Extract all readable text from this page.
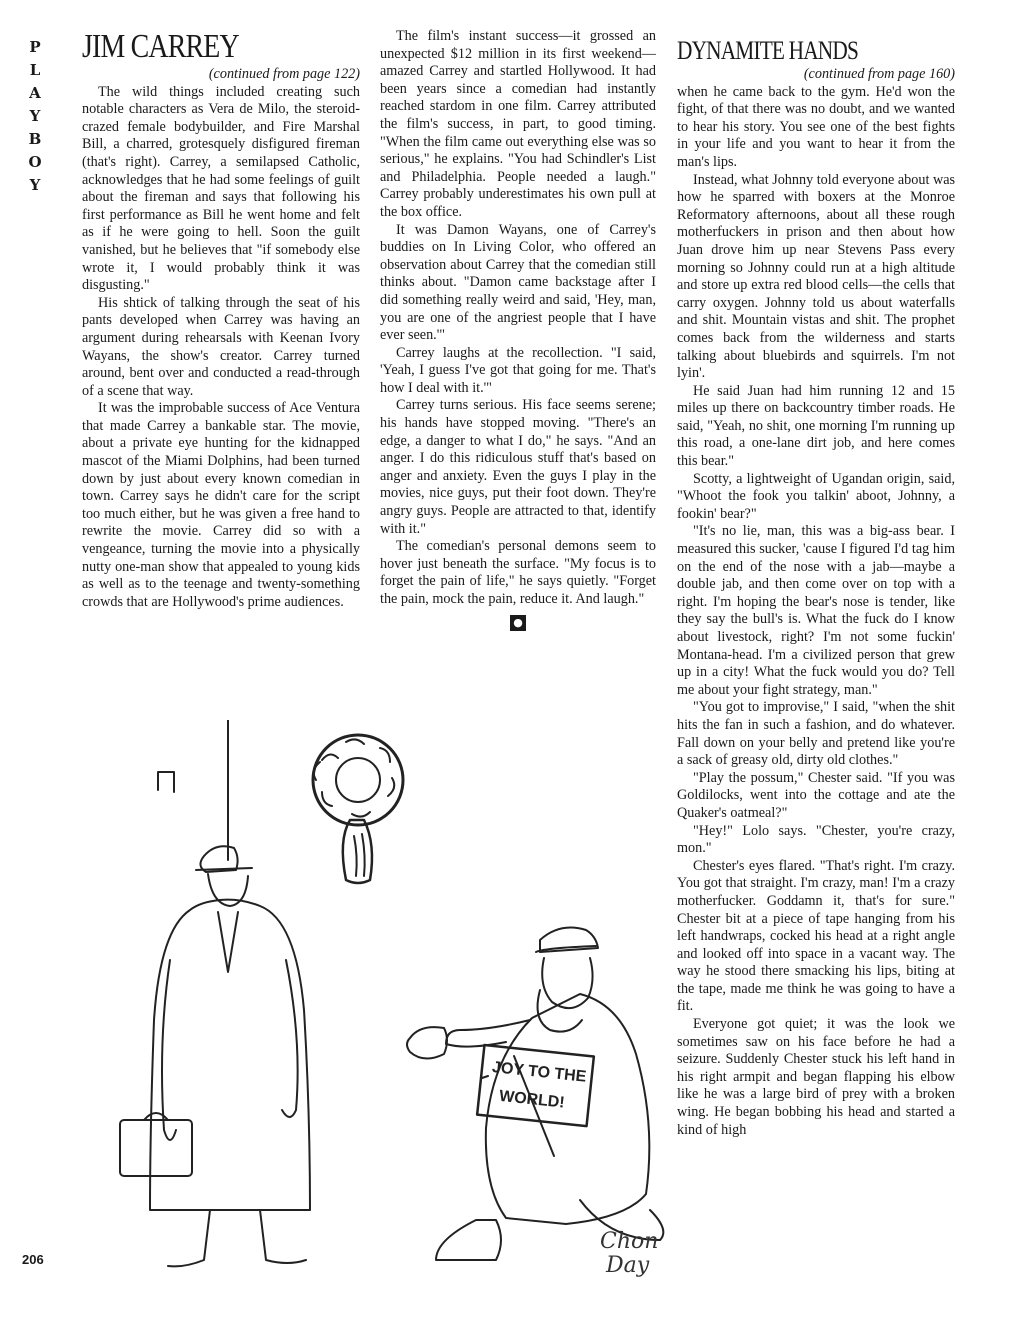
P
L
A
Y
B
O
Y
JIM CARREY

(continued from page 122)

The wild things included creating such notable characters as Vera de Milo, the steroid-crazed female bodybuilder, and Fire Marshal Bill, a charred, grotesquely disfigured fireman (that's right). Carrey, a semilapsed Catholic, acknowledges that he had some feelings of guilt about the fireman and says that following his first performance as Bill he went home and felt as if he were going to hell. Soon the guilt vanished, but he believes that "if somebody else wrote it, I would probably think it was disgusting."

His shtick of talking through the seat of his pants developed when Carrey was having an argument during rehearsals with Keenan Ivory Wayans, the show's creator. Carrey turned around, bent over and conducted a read-through of a scene that way.

It was the improbable success of Ace Ventura that made Carrey a bankable star. The movie, about a private eye hunting for the kidnapped mascot of the Miami Dolphins, had been turned down by just about every known comedian in town. Carrey says he didn't care for the script too much either, but he was given a free hand to rewrite the movie. Carrey did so with a vengeance, turning the movie into a physically nutty one-man show that appealed to young kids as well as to the teenage and twenty-something crowds that are Hollywood's prime audiences.

The film's instant success—it grossed an unexpected $12 million in its first weekend—amazed Carrey and startled Hollywood. It had been years since a comedian had instantly reached stardom in one film. Carrey attributed the film's success, in part, to good timing. "When the film came out everything else was so serious," he explains. "You had Schindler's List and Philadelphia. People needed a laugh." Carrey probably underestimates his own pull at the box office.

It was Damon Wayans, one of Carrey's buddies on In Living Color, who offered an observation about Carrey that the comedian still thinks about. "Damon came backstage after I did something really weird and said, 'Hey, man, you are one of the angriest people that I have ever seen.'"

Carrey laughs at the recollection. "I said, 'Yeah, I guess I've got that going for me. That's how I deal with it.'"

Carrey turns serious. His face seems serene; his hands have stopped moving. "There's an edge, a danger to what I do," he says. "And an anger. I do this ridiculous stuff that's based on anger and anxiety. Even the guys I play in the movies, nice guys, put their foot down. They're angry guys. People are attracted to that, identify with it."

The comedian's personal demons seem to hover just beneath the surface. "My focus is to forget the pain of life," he says quietly. "Forget the pain, mock the pain, reduce it. And laugh."

●
DYNAMITE HANDS

(continued from page 160)

when he came back to the gym. He'd won the fight, of that there was no doubt, and we wanted to hear his story. You see one of the best fights in your life and you want to hear it from the man's lips.

Instead, what Johnny told everyone about was how he sparred with boxers at the Monroe Reformatory afternoons, about all these rough motherfuckers in prison and then about how Juan drove him up near Stevens Pass every morning so Johnny could run at a high altitude and store up extra red blood cells—the cells that carry oxygen. Johnny told us about waterfalls and shit. Mountain vistas and shit. The prophet comes back from the wilderness and starts talking about bluebirds and squirrels. I'm not lyin'.

He said Juan had him running 12 and 15 miles up there on backcountry timber roads. He said, "Yeah, no shit, one morning I'm running up this road, a one-lane dirt job, and here comes this bear."

Scotty, a lightweight of Ugandan origin, said, "Whoot the fook you talkin' aboot, Johnny, a fookin' bear?"

"It's no lie, man, this was a big-ass bear. I measured this sucker, 'cause I figured I'd tag him on the end of the nose with a jab—maybe a double jab, and then come over on top with a right. I'm hoping the bear's nose is tender, like they say the bull's is. What the fuck do I know about livestock, right? I'm not some fuckin' Montana-head. I'm a civilized person that grew up in a city! What the fuck would you do? Tell me about your fight strategy, man."

"You got to improvise," I said, "when the shit hits the fan in such a fashion, and do whatever. Fall down on your belly and pretend like you're a sack of greasy old, dirty old clothes."

"Play the possum," Chester said. "If you was Goldilocks, went into the cottage and ate the Quaker's oatmeal?"

"Hey!" Lolo says. "Chester, you're crazy, mon."

Chester's eyes flared. "That's right. I'm crazy. You got that straight. I'm crazy, man! I'm a crazy motherfucker. Goddamn it, that's for sure." Chester bit at a piece of tape hanging from his left handwraps, cocked his head at a right angle and looked off into space in a vacant way. The way he stood there smacking his lips, biting at the tape, made me think he was going to have a fit.

Everyone got quiet; it was the look we sometimes saw on his face before he had a seizure. Suddenly Chester stuck his left hand in his right armpit and began flapping his elbow like he was a large bird of prey with a broken wing. He began bobbing his head and started a kind of high

JOY TO THE
WORLD!
Chon
Day
206
